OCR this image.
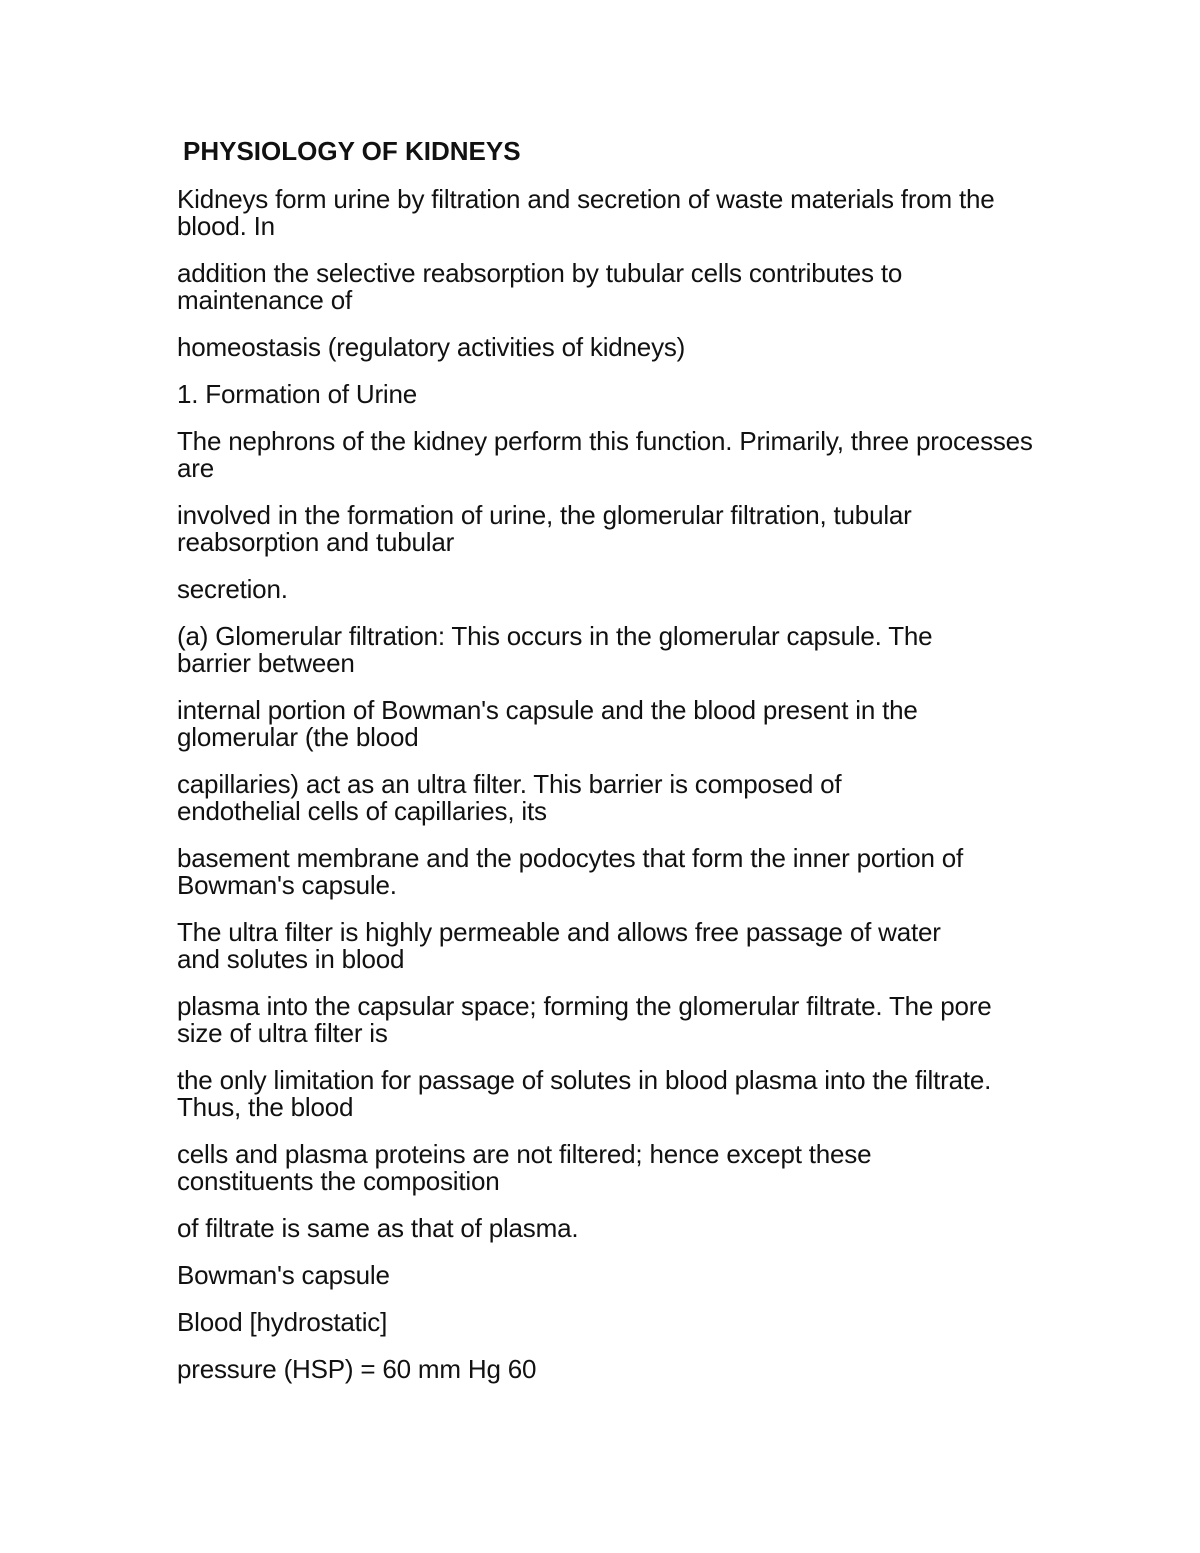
PHYSIOLOGY OF KIDNEYS
Kidneys form urine by filtration and secretion of waste materials from the blood. In
addition the selective reabsorption by tubular cells contributes to maintenance of
homeostasis (regulatory activities of kidneys)
1. Formation of Urine
The nephrons of the kidney perform this function. Primarily, three processes are
involved in the formation of urine, the glomerular filtration, tubular reabsorption and tubular
secretion.
(a) Glomerular filtration: This occurs in the glomerular capsule. The barrier between
internal portion of Bowman's capsule and the blood present in the glomerular (the blood
capillaries) act as an ultra filter. This barrier is composed of endothelial cells of capillaries, its
basement membrane and the podocytes that form the inner portion of Bowman's capsule.
The ultra filter is highly permeable and allows free passage of water and solutes in blood
plasma into the capsular space; forming the glomerular filtrate. The pore size of ultra filter is
the only limitation for passage of solutes in blood plasma into the filtrate. Thus, the blood
cells and plasma proteins are not filtered; hence except these constituents the composition
of filtrate is same as that of plasma.
Bowman's capsule
Blood [hydrostatic]
pressure (HSP) = 60 mm Hg 60
